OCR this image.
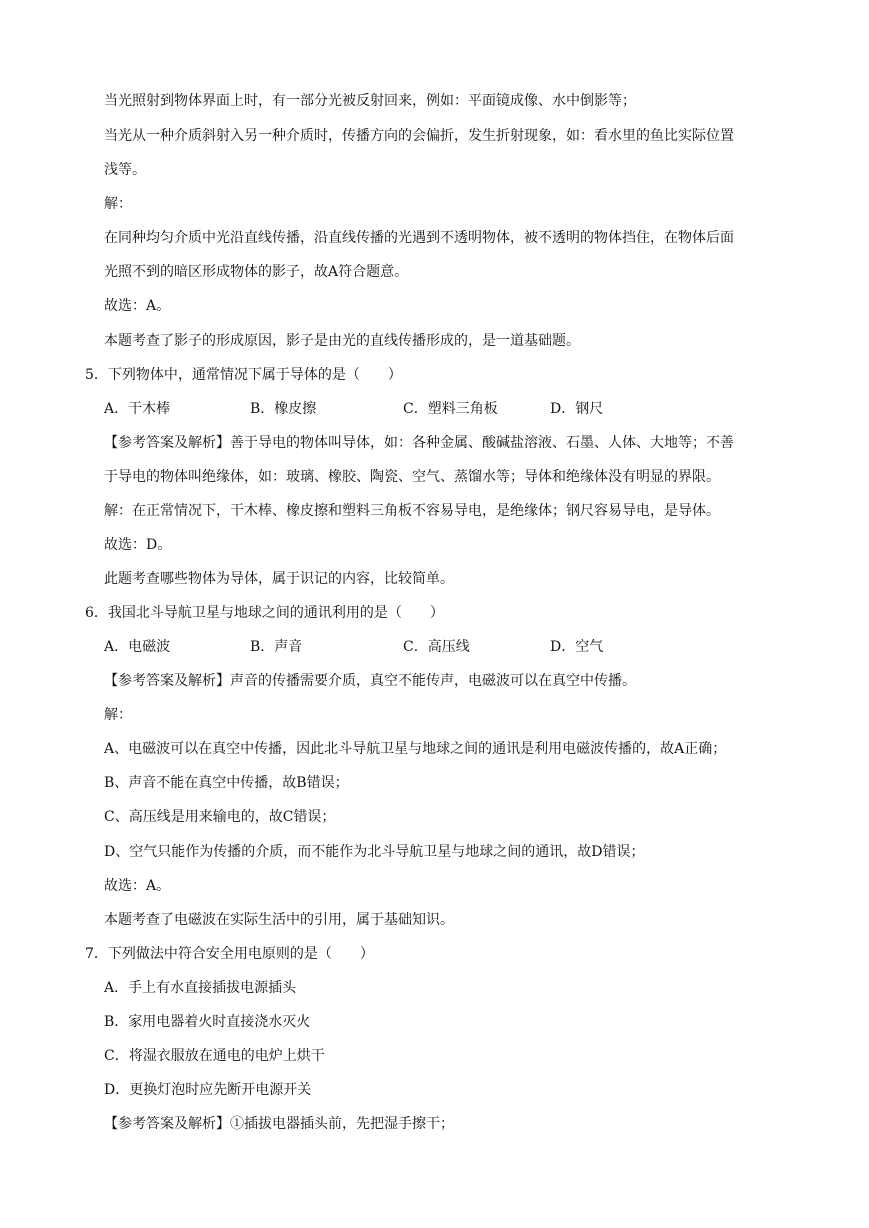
当光照射到物体界面上时，有一部分光被反射回来，例如：平面镜成像、水中倒影等；
当光从一种介质斜射入另一种介质时，传播方向的会偏折，发生折射现象，如：看水里的鱼比实际位置
浅等。
解：
在同种均匀介质中光沿直线传播，沿直线传播的光遇到不透明物体，被不透明的物体挡住，在物体后面
光照不到的暗区形成物体的影子，故A符合题意。
故选：A。
本题考查了影子的形成原因，影子是由光的直线传播形成的，是一道基础题。
5．下列物体中，通常情况下属于导体的是（　　）
A．干木棒	B．橡皮擦	C．塑料三角板	D．钢尺
【参考答案及解析】善于导电的物体叫导体，如：各种金属、酸碱盐溶液、石墨、人体、大地等；不善
于导电的物体叫绝缘体，如：玻璃、橡胶、陶瓷、空气、蒸馏水等；导体和绝缘体没有明显的界限。
解：在正常情况下，干木棒、橡皮擦和塑料三角板不容易导电，是绝缘体；钢尺容易导电，是导体。
故选：D。
此题考查哪些物体为导体，属于识记的内容，比较简单。
6．我国北斗导航卫星与地球之间的通讯利用的是（　　）
A．电磁波	B．声音	C．高压线	D．空气
【参考答案及解析】声音的传播需要介质，真空不能传声，电磁波可以在真空中传播。
解：
A、电磁波可以在真空中传播，因此北斗导航卫星与地球之间的通讯是利用电磁波传播的，故A正确；
B、声音不能在真空中传播，故B错误；
C、高压线是用来输电的，故C错误；
D、空气只能作为传播的介质，而不能作为北斗导航卫星与地球之间的通讯，故D错误；
故选：A。
本题考查了电磁波在实际生活中的引用，属于基础知识。
7．下列做法中符合安全用电原则的是（　　）
A．手上有水直接插拔电源插头
B．家用电器着火时直接浇水灭火
C．将湿衣服放在通电的电炉上烘干
D．更换灯泡时应先断开电源开关
【参考答案及解析】①插拔电器插头前，先把湿手擦干；
